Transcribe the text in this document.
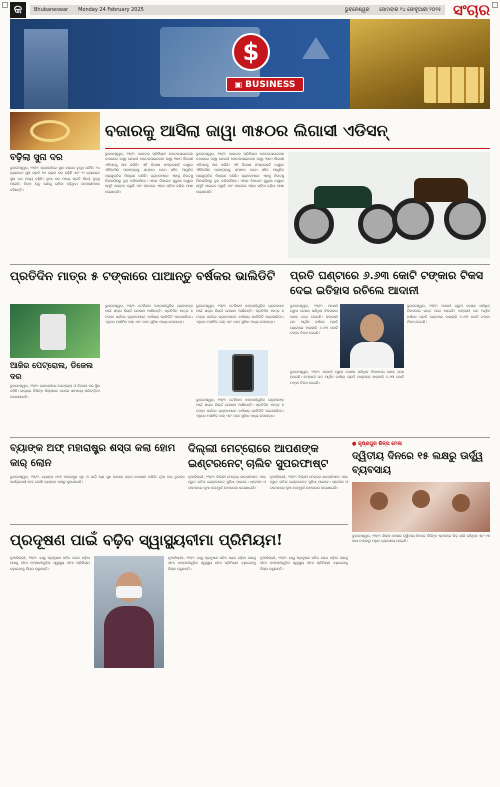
କ	Bhubaneswar Monday 24 February 2025	ଭୁବନେଶ୍ୱର ସୋମବାର ୨୪ ଫେବୃଆରୀ ୨୦୨୫ ସଂଚାର
$
▣ BUSINESS
ବଜାରକୁ ଆସିଲା ଜାୱା ୩୫୦ର ଲିଗାସୀ ଏଡିସନ୍
ବଢ଼ିଲା ସୁନା ଦର

ଭୁବନେଶ୍ୱର, ୨୩/୨: ରାଜଧାନୀରେ ସୁନା ଦରରେ ବୃଦ୍ଧି ଘଟିଛି। ୨୪ କ୍ୟାରେଟ ସୁନା ପ୍ରତି ୧୦ ଗ୍ରାମ ଦର ବଢ଼ିଛି ଏବଂ ୨୨ କ୍ୟାରେଟ ସୁନା ଦର ମଧ୍ୟ ବଢ଼ିଛି। ରୂପା ଦର ମଧ୍ୟ ପ୍ରତି କିଲୋ ବୃଦ୍ଧି ପାଇଛି। ବିବାହ ଋତୁ ଯୋଗୁ ଚାହିଦା ବଢ଼ିଥିବା ବେପାରୀମାନେ କହିଛନ୍ତି।

ଭୁବନେଶ୍ୱର, ୨୩/୨: ଭାରତର ପ୍ରିମିୟମ ମୋଟରସାଇକେଲ ବଜାରରେ ଜାୱା ଯେଜଦୀ ମୋଟରସାଇକେଲ ଜାୱା ୩୫୦ ଲିଗାସୀ ଏଡିସନକୁ ଲଞ୍ଚ କରିଛି। ଏହି ବିଶେଷ ସଂସ୍କରଣଟି ଜାୱାର ଐତିହାସିକ ପରମ୍ପରାକୁ ସମ୍ମାନ ଦେବା ସହିତ ଆଧୁନିକ ପ୍ରଯୁକ୍ତିର ମିଶ୍ରଣ କରିଛି। ଗ୍ରାହକମାନେ ଏହାକୁ ନିକଟସ୍ଥ ଡିଲରସିପରୁ ବୁକ୍ କରିପାରିବେ। ଏହାର ଡିଜାଇନ ପୁରୁଣା ଜାୱାର ସ୍ମୃତି ଜାଗ୍ରତ କରୁଛି ଏବଂ ସହରରେ ଏହାର ଚାହିଦା ବଢ଼ିବା ଆଶା କରାଯାଉଛି।

ଭୁବନେଶ୍ୱର, ୨୩/୨: ଭାରତର ପ୍ରିମିୟମ ମୋଟରସାଇକେଲ ବଜାରରେ ଜାୱା ଯେଜଦୀ ମୋଟରସାଇକେଲ ଜାୱା ୩୫୦ ଲିଗାସୀ ଏଡିସନକୁ ଲଞ୍ଚ କରିଛି। ଏହି ବିଶେଷ ସଂସ୍କରଣଟି ଜାୱାର ଐତିହାସିକ ପରମ୍ପରାକୁ ସମ୍ମାନ ଦେବା ସହିତ ଆଧୁନିକ ପ୍ରଯୁକ୍ତିର ମିଶ୍ରଣ କରିଛି। ଗ୍ରାହକମାନେ ଏହାକୁ ନିକଟସ୍ଥ ଡିଲରସିପରୁ ବୁକ୍ କରିପାରିବେ। ଏହାର ଡିଜାଇନ ପୁରୁଣା ଜାୱାର ସ୍ମୃତି ଜାଗ୍ରତ କରୁଛି ଏବଂ ସହରରେ ଏହାର ଚାହିଦା ବଢ଼ିବା ଆଶା କରାଯାଉଛି।

ପ୍ରତିଦିନ ମାତ୍ର ୫ ଟଙ୍କାରେ ପାଆନ୍ତୁ ବର୍ଷକର ଭାଲିଡିଟି
ଆଜିର ପେଟ୍ରୋଲ, ଡିଜେଲ ଦର

ଭୁବନେଶ୍ୱର, ୨୩/୨: ରାଜଧାନୀରେ ପେଟ୍ରୋଲ ଓ ଡିଜେଲ ଦର ସ୍ଥିର ରହିଛି। ରାଜ୍ୟର ବିଭିନ୍ନ ଜିଲ୍ଲାରେ ଦରରେ ସାମାନ୍ୟ ପରିବର୍ତ୍ତନ ଦେଖାଯାଇଛି।

ଭୁବନେଶ୍ୱର, ୨୩/୨: ଟେଲିକମ କମ୍ପାନୀଗୁଡ଼ିକ ଗ୍ରାହକଙ୍କ ପାଇଁ ଶସ୍ତା ରିଚାର୍ଜ ଯୋଜନା ଆଣିଛନ୍ତି। ପ୍ରତିଦିନ ମାତ୍ର ୫ ଟଙ୍କା ଖର୍ଚ୍ଚରେ ଗ୍ରାହକମାନେ ବର୍ଷସାରା ଭାଲିଡିଟି ପାଇପାରିବେ। ଏଥିରେ ଅସୀମିତ କଲ୍ ଏବଂ ଡାଟା ସୁବିଧା ମଧ୍ୟ ଉପଲବ୍ଧ।

ଭୁବନେଶ୍ୱର, ୨୩/୨: ଟେଲିକମ କମ୍ପାନୀଗୁଡ଼ିକ ଗ୍ରାହକଙ୍କ ପାଇଁ ଶସ୍ତା ରିଚାର୍ଜ ଯୋଜନା ଆଣିଛନ୍ତି। ପ୍ରତିଦିନ ମାତ୍ର ୫ ଟଙ୍କା ଖର୍ଚ୍ଚରେ ଗ୍ରାହକମାନେ ବର୍ଷସାରା ଭାଲିଡିଟି ପାଇପାରିବେ। ଏଥିରେ ଅସୀମିତ କଲ୍ ଏବଂ ଡାଟା ସୁବିଧା ମଧ୍ୟ ଉପଲବ୍ଧ।

ଭୁବନେଶ୍ୱର, ୨୩/୨: ଟେଲିକମ କମ୍ପାନୀଗୁଡ଼ିକ ଗ୍ରାହକଙ୍କ ପାଇଁ ଶସ୍ତା ରିଚାର୍ଜ ଯୋଜନା ଆଣିଛନ୍ତି। ପ୍ରତିଦିନ ମାତ୍ର ୫ ଟଙ୍କା ଖର୍ଚ୍ଚରେ ଗ୍ରାହକମାନେ ବର୍ଷସାରା ଭାଲିଡିଟି ପାଇପାରିବେ। ଏଥିରେ ଅସୀମିତ କଲ୍ ଏବଂ ଡାଟା ସୁବିଧା ମଧ୍ୟ ଉପଲବ୍ଧ।

ପ୍ରତି ଘଣ୍ଟାରେ ୬.୬୩ କୋଟି ଟଙ୍କାର ଟିକସ ଦେଇ ଇତିହାସ ରଚିଲେ ଆଦାନୀ

ଭୁବନେଶ୍ୱର, ୨୩/୨: ଆଦାନୀ ଗ୍ରୁପ ଦେଶର ସର୍ବାଧିକ ଟିକସଦାତା ଭାବେ ଉଭା ହୋଇଛି। କମ୍ପାନୀ ଗତ ଆର୍ଥିକ ବର୍ଷରେ ପ୍ରତି ଘଣ୍ଟାରେ ହାରାହାରି ୬.୬୩ କୋଟି ଟଙ୍କା ଟିକସ ଦେଇଛି।

ଭୁବନେଶ୍ୱର, ୨୩/୨: ଆଦାନୀ ଗ୍ରୁପ ଦେଶର ସର୍ବାଧିକ ଟିକସଦାତା ଭାବେ ଉଭା ହୋଇଛି। କମ୍ପାନୀ ଗତ ଆର୍ଥିକ ବର୍ଷରେ ପ୍ରତି ଘଣ୍ଟାରେ ହାରାହାରି ୬.୬୩ କୋଟି ଟଙ୍କା ଟିକସ ଦେଇଛି।

ଭୁବନେଶ୍ୱର, ୨୩/୨: ଆଦାନୀ ଗ୍ରୁପ ଦେଶର ସର୍ବାଧିକ ଟିକସଦାତା ଭାବେ ଉଭା ହୋଇଛି। କମ୍ପାନୀ ଗତ ଆର୍ଥିକ ବର୍ଷରେ ପ୍ରତି ଘଣ୍ଟାରେ ହାରାହାରି ୬.୬୩ କୋଟି ଟଙ୍କା ଟିକସ ଦେଇଛି।

ବ୍ୟାଙ୍କ ଅଫ୍ ମହାରାଷ୍ଟ୍ର ଶସ୍ତା କଲା ହୋମ କାର୍ ଲୋନ

ଭୁବନେଶ୍ୱର, ୨୩/୨: ବ୍ୟାଙ୍କ ଅଫ୍ ମହାରାଷ୍ଟ୍ର ଗୃହ ଓ ଗାଡ଼ି ଋଣ ସୁଧ ହାରରେ ହ୍ରାସ ଘୋଷଣା କରିଛି। ନୂଆ ହାର ତୁରନ୍ତ କାର୍ଯ୍ୟକାରୀ ହେବ ବୋଲି ବ୍ୟାଙ୍କ ପକ୍ଷରୁ କୁହାଯାଇଛି।

ଦିଲ୍ଲୀ ମେଟ୍ରୋରେ ଆପଣଙ୍କ ଇଣ୍ଟରନେଟ୍ ଚାଲିବ ସୁପରଫାଷ୍ଟ

ନୂଆଦିଲ୍ଲୀ, ୨୩/୨: ଦିଲ୍ଲୀ ମେଟ୍ରୋ ଯାତ୍ରୀମାନେ ଏବେ ଦ୍ରୁତ ଗତିର ଇଣ୍ଟରନେଟ୍ ସୁବିଧା ପାଇବେ। ଷ୍ଟେସନ ଓ ଟନେଲରେ ନୂଆ ନେଟୱର୍କ ଉପକରଣ ଲଗାଯାଇଛି।

ନୂଆଦିଲ୍ଲୀ, ୨୩/୨: ଦିଲ୍ଲୀ ମେଟ୍ରୋ ଯାତ୍ରୀମାନେ ଏବେ ଦ୍ରୁତ ଗତିର ଇଣ୍ଟରନେଟ୍ ସୁବିଧା ପାଇବେ। ଷ୍ଟେସନ ଓ ଟନେଲରେ ନୂଆ ନେଟୱର୍କ ଉପକରଣ ଲଗାଯାଇଛି।

● କୃଷ୍ଣପୁର ଶିଳ୍ପ ମେଳା
ଦ୍ୱିତୀୟ ଦିନରେ ୧୫ ଲକ୍ଷରୁ ଊର୍ଦ୍ଧ୍ୱ ବ୍ୟବସାୟ

ଭୁବନେଶ୍ୱର, ୨୩/୨: ଶିଳ୍ପ ମେଳାର ଦ୍ୱିତୀୟ ଦିନରେ ବିଭିନ୍ନ ଷ୍ଟଲରେ ଭିଡ଼ ଲାଗି ରହିଥିଲା ଏବଂ ୧୫ ଲକ୍ଷ ଟଙ୍କାରୁ ଅଧିକ ବ୍ୟବସାୟ ହୋଇଛି।

ପ୍ରଦୂଷଣ ପାଇଁ ବଢ଼ିବ ସ୍ୱାସ୍ଥ୍ୟବୀମା ପ୍ରିମିୟମ!

ନୂଆଦିଲ୍ଲୀ, ୨୩/୨: ବାୟୁ ପ୍ରଦୂଷଣ ଜନିତ ରୋଗ ବଢ଼ିବା ଯୋଗୁ ବୀମା କମ୍ପାନୀଗୁଡ଼ିକ ସ୍ୱାସ୍ଥ୍ୟ ବୀମା ପ୍ରିମିୟମ ବଢ଼ାଇବାକୁ ବିଚାର କରୁଛନ୍ତି।

ନୂଆଦିଲ୍ଲୀ, ୨୩/୨: ବାୟୁ ପ୍ରଦୂଷଣ ଜନିତ ରୋଗ ବଢ଼ିବା ଯୋଗୁ ବୀମା କମ୍ପାନୀଗୁଡ଼ିକ ସ୍ୱାସ୍ଥ୍ୟ ବୀମା ପ୍ରିମିୟମ ବଢ଼ାଇବାକୁ ବିଚାର କରୁଛନ୍ତି।

ନୂଆଦିଲ୍ଲୀ, ୨୩/୨: ବାୟୁ ପ୍ରଦୂଷଣ ଜନିତ ରୋଗ ବଢ଼ିବା ଯୋଗୁ ବୀମା କମ୍ପାନୀଗୁଡ଼ିକ ସ୍ୱାସ୍ଥ୍ୟ ବୀମା ପ୍ରିମିୟମ ବଢ଼ାଇବାକୁ ବିଚାର କରୁଛନ୍ତି।
